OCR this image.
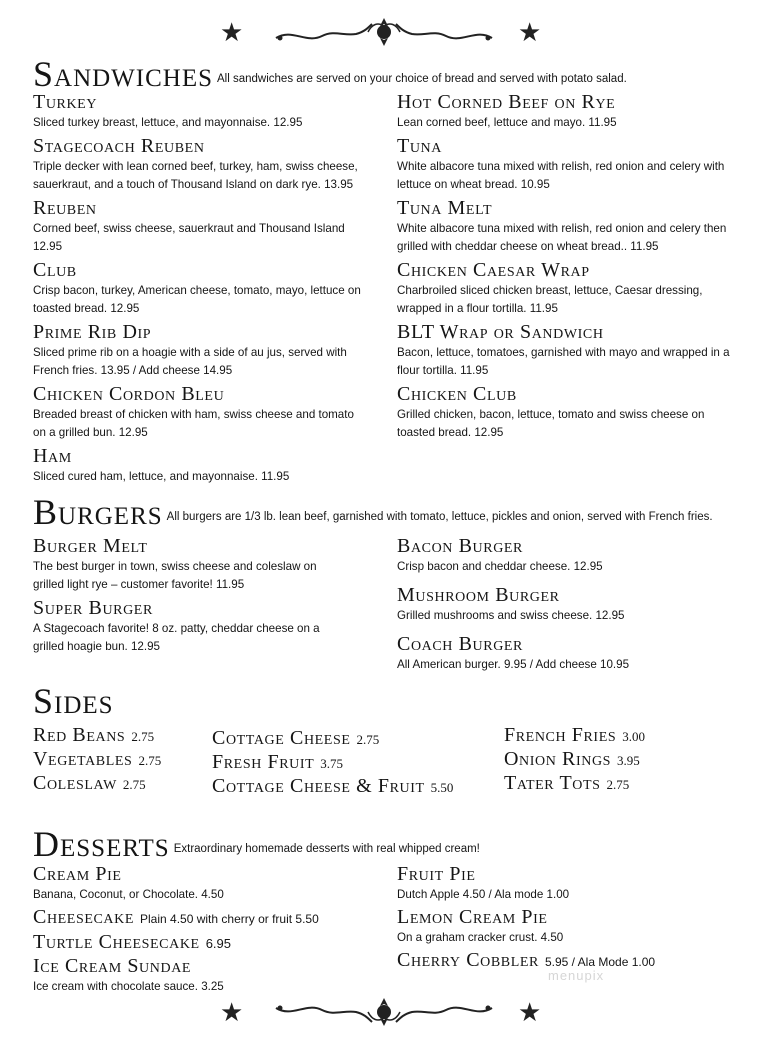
★	★
Sandwiches All sandwiches are served on your choice of bread and served with potato salad.
Turkey
Sliced turkey breast, lettuce, and mayonnaise. 12.95
Stagecoach Reuben
Triple decker with lean corned beef, turkey, ham, swiss cheese, sauerkraut, and a touch of Thousand Island on dark rye. 13.95
Reuben
Corned beef, swiss cheese, sauerkraut and Thousand Island 12.95
Club
Crisp bacon, turkey, American cheese, tomato, mayo, lettuce on toasted bread. 12.95
Prime Rib Dip
Sliced prime rib on a hoagie with a side of au jus, served with French fries. 13.95 / Add cheese 14.95
Chicken Cordon Bleu
Breaded breast of chicken with ham, swiss cheese and tomato on a grilled bun. 12.95
Ham
Sliced cured ham, lettuce, and mayonnaise. 11.95
Hot Corned Beef on Rye
Lean corned beef, lettuce and mayo. 11.95
Tuna
White albacore tuna mixed with relish, red onion and celery with lettuce on wheat bread. 10.95
Tuna Melt
White albacore tuna mixed with relish, red onion and celery then grilled with cheddar cheese on wheat bread.. 11.95
Chicken Caesar Wrap
Charbroiled sliced chicken breast, lettuce, Caesar dressing, wrapped in a flour tortilla. 11.95
BLT Wrap or Sandwich
Bacon, lettuce, tomatoes, garnished with mayo and wrapped in a flour tortilla. 11.95
Chicken Club
Grilled chicken, bacon, lettuce, tomato and swiss cheese on toasted bread. 12.95
Burgers All burgers are 1/3 lb. lean beef, garnished with tomato, lettuce, pickles and onion, served with French fries.
Burger Melt
The best burger in town, swiss cheese and coleslaw on grilled light rye – customer favorite! 11.95
Super Burger
A Stagecoach favorite! 8 oz. patty, cheddar cheese on a grilled hoagie bun. 12.95
Bacon Burger
Crisp bacon and cheddar cheese. 12.95
Mushroom Burger
Grilled mushrooms and swiss cheese. 12.95
Coach Burger
All American burger. 9.95 / Add cheese 10.95
Sides
Red Beans 2.75
Vegetables 2.75
Coleslaw 2.75
Cottage Cheese 2.75
Fresh Fruit 3.75
Cottage Cheese & Fruit 5.50
French Fries 3.00
Onion Rings 3.95
Tater Tots 2.75
Desserts Extraordinary homemade desserts with real whipped cream!
Cream Pie
Banana, Coconut, or Chocolate. 4.50
Cheesecake Plain 4.50 with cherry or fruit 5.50
Turtle Cheesecake 6.95
Ice Cream Sundae
Ice cream with chocolate sauce. 3.25
Fruit Pie
Dutch Apple 4.50 / Ala mode 1.00
Lemon Cream Pie
On a graham cracker crust. 4.50
Cherry Cobbler 5.95 / Ala Mode 1.00
menupix
★	★
